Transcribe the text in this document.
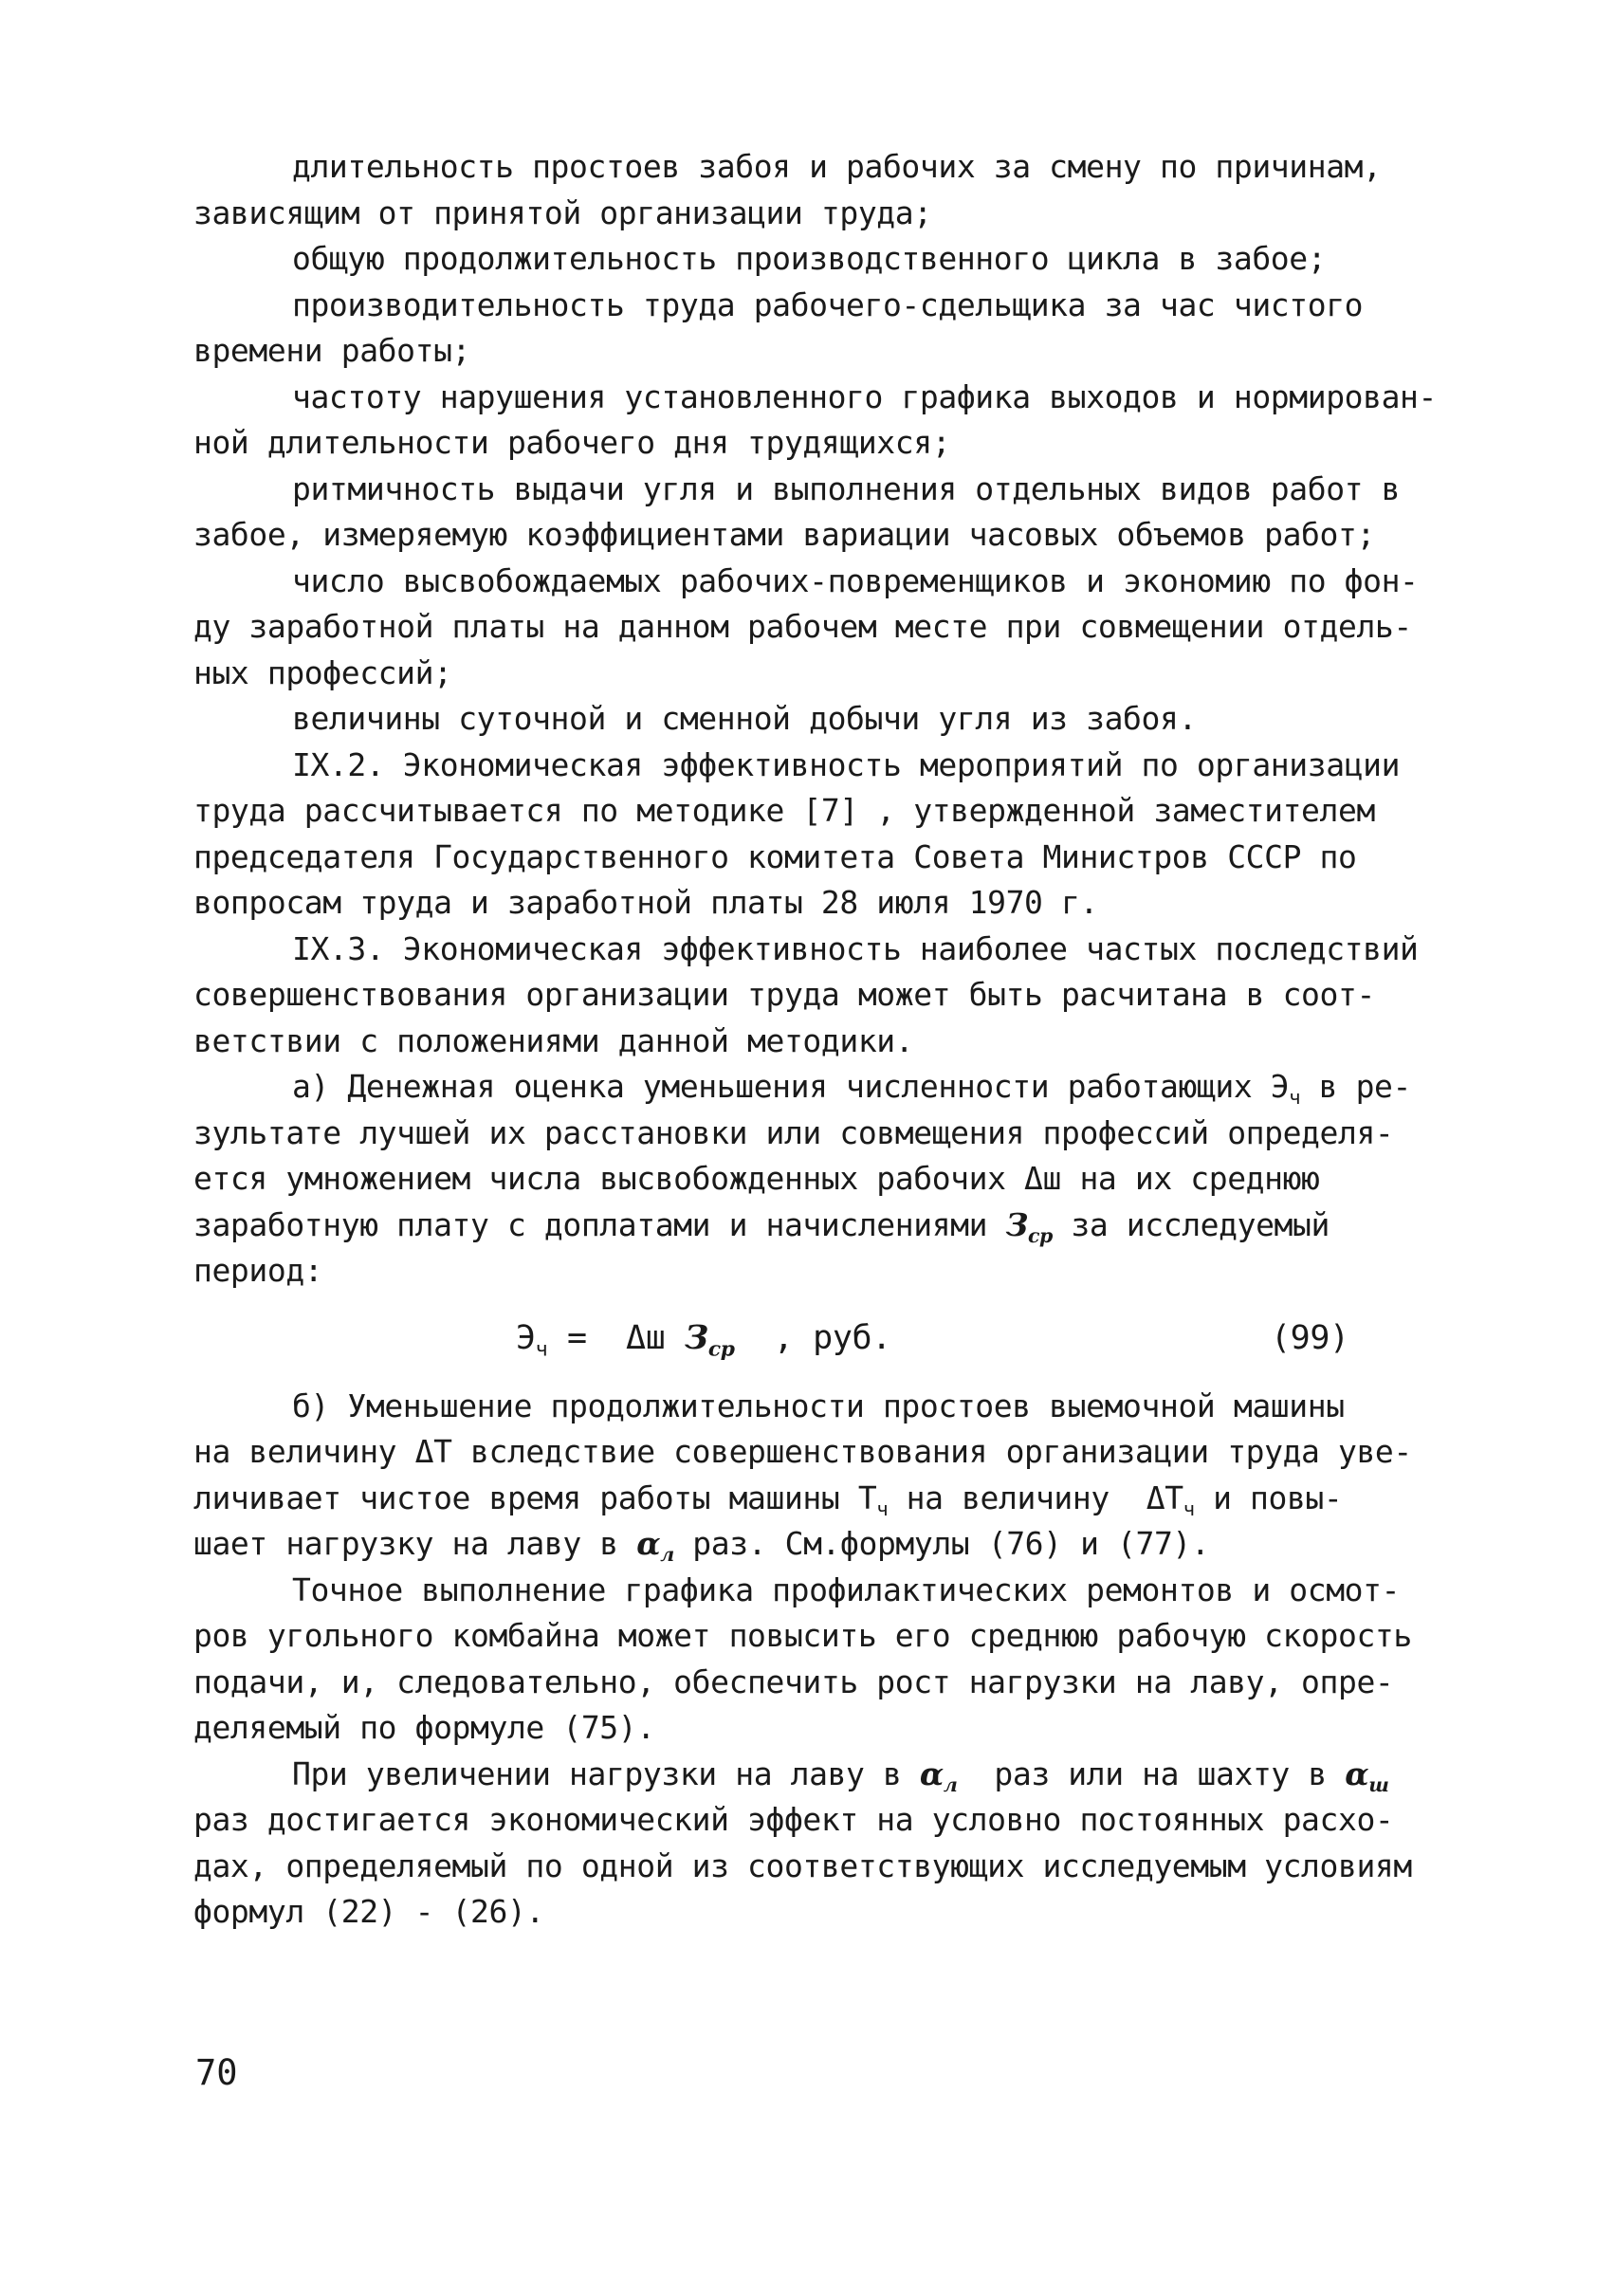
длительность простоев забоя и рабочих за смену по причинам,
зависящим от принятой организации труда;
общую продолжительность производственного цикла в забое;
производительность труда рабочего-сдельщика за час чистого
времени работы;
частоту нарушения установленного графика выходов и нормирован-
ной длительности рабочего дня трудящихся;
ритмичность выдачи угля и выполнения отдельных видов работ в
забое, измеряемую коэффициентами вариации часовых объемов работ;
число высвобождаемых рабочих-повременщиков и экономию по фон-
ду заработной платы на данном рабочем месте при совмещении отдель-
ных профессий;
величины суточной и сменной добычи угля из забоя.
IX.2. Экономическая эффективность мероприятий по организации
труда рассчитывается по методике [7] , утвержденной заместителем
председателя Государственного комитета Совета Министров СССР по
вопросам труда и заработной платы 28 июля 1970 г.
IX.3. Экономическая эффективность наиболее частых последствий
совершенствования организации труда может быть расчитана в соот-
ветствии с положениями данной методики.
а) Денежная оценка уменьшения численности работающих $Э_ч$ в ре-
зультате лучшей их расстановки или совмещения профессий определя-
ется умножением числа высвобожденных рабочих Δш на их среднюю
заработную плату с доплатами и начислениями $З_{ср}$ за исследуемый
период:
$Э_ч = \Delta ш$ $З_{ср}$  , руб.	(99)
б) Уменьшение продолжительности простоев выемочной машины
на величину ΔТ вследствие совершенствования организации труда уве-
личивает чистое время работы машины $Т_ч$ на величину  $\Delta Т_ч$ и повы-
шает нагрузку на лаву в $\alpha_л$ раз. См.формулы (76) и (77).
Точное выполнение графика профилактических ремонтов и осмот-
ров угольного комбайна может повысить его среднюю рабочую скорость
подачи, и, следовательно, обеспечить рост нагрузки на лаву, опре-
деляемый по формуле (75).
При увеличении нагрузки на лаву в $\alpha_л$  раз или на шахту в $\alpha_ш$
раз достигается экономический эффект на условно постоянных расхо-
дах, определяемый по одной из соответствующих исследуемым условиям
формул (22) - (26).
70
